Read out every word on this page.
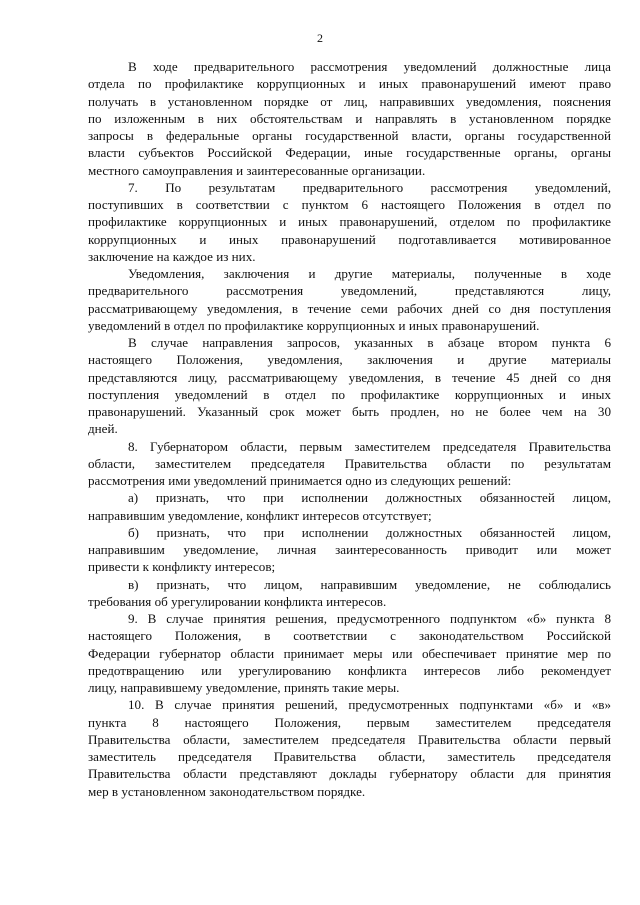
2

В ходе предварительного рассмотрения уведомлений должностные лица
отдела по профилактике коррупционных и иных правонарушений имеют право
получать в установленном порядке от лиц, направивших уведомления, пояснения
по изложенным в них обстоятельствам и направлять в установленном порядке
запросы в федеральные органы государственной власти, органы государственной
власти субъектов Российской Федерации, иные государственные органы, органы
местного самоуправления и заинтересованные организации.

7. По результатам предварительного рассмотрения уведомлений,
поступивших в соответствии с пунктом 6 настоящего Положения в отдел по
профилактике коррупционных и иных правонарушений, отделом по профилактике
коррупционных и иных правонарушений подготавливается мотивированное
заключение на каждое из них.

Уведомления, заключения и другие материалы, полученные в ходе
предварительного рассмотрения уведомлений, представляются лицу,
рассматривающему уведомления, в течение семи рабочих дней со дня поступления
уведомлений в отдел по профилактике коррупционных и иных правонарушений.

В случае направления запросов, указанных в абзаце втором пункта 6
настоящего Положения, уведомления, заключения и другие материалы
представляются лицу, рассматривающему уведомления, в течение 45 дней со дня
поступления уведомлений в отдел по профилактике коррупционных и иных
правонарушений. Указанный срок может быть продлен, но не более чем на 30
дней.

8. Губернатором области, первым заместителем председателя Правительства
области, заместителем председателя Правительства области по результатам
рассмотрения ими уведомлений принимается одно из следующих решений:

а) признать, что при исполнении должностных обязанностей лицом,
направившим уведомление, конфликт интересов отсутствует;

б) признать, что при исполнении должностных обязанностей лицом,
направившим уведомление, личная заинтересованность приводит или может
привести к конфликту интересов;

в) признать, что лицом, направившим уведомление, не соблюдались
требования об урегулировании конфликта интересов.

9. В случае принятия решения, предусмотренного подпунктом «б» пункта 8
настоящего Положения, в соответствии с законодательством Российской
Федерации губернатор области принимает меры или обеспечивает принятие мер по
предотвращению или урегулированию конфликта интересов либо рекомендует
лицу, направившему уведомление, принять такие меры.

10. В случае принятия решений, предусмотренных подпунктами «б» и «в»
пункта 8 настоящего Положения, первым заместителем председателя
Правительства области, заместителем председателя Правительства области первый
заместитель председателя Правительства области, заместитель председателя
Правительства области представляют доклады губернатору области для принятия
мер в установленном законодательством порядке.
